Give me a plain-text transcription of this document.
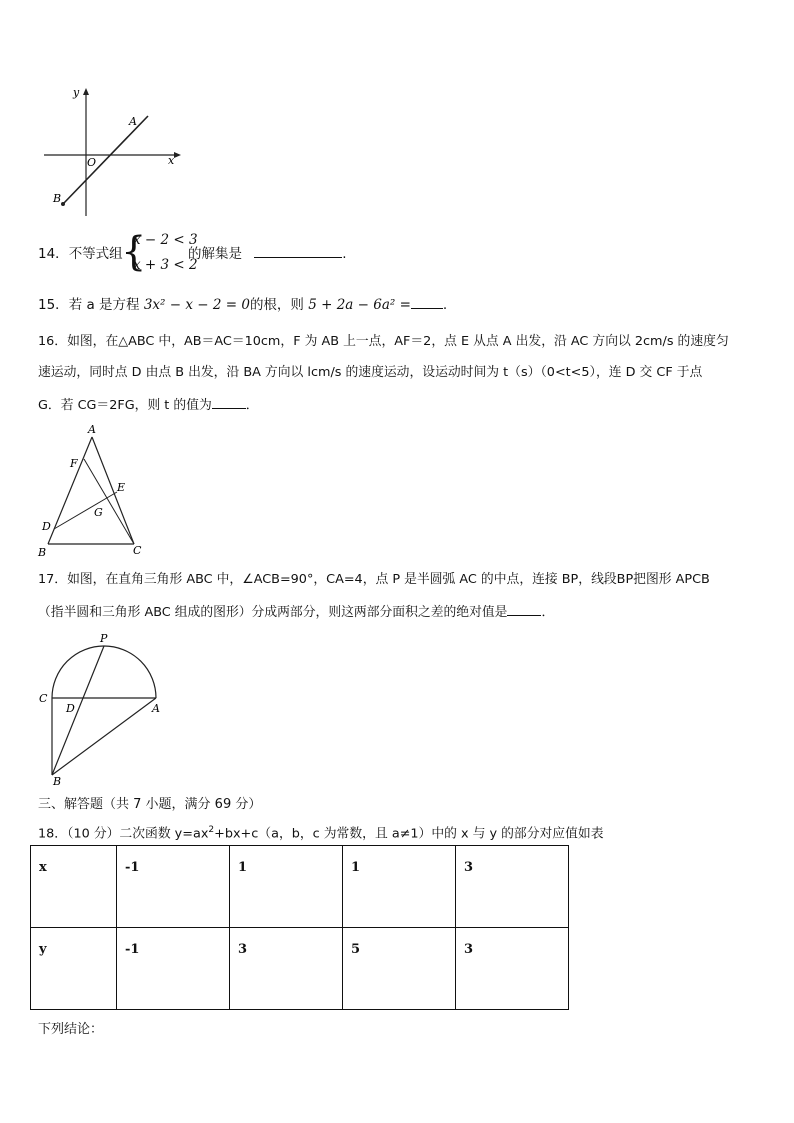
y
x
O
A
B
14．不等式组
{
x − 2 < 3
x + 3 < 2
的解集是	.
15．若 a 是方程 3x² − x − 2 = 0的根，则 5 + 2a − 6a² = .
16．如图，在△ABC 中，AB＝AC＝10cm，F 为 AB 上一点，AF＝2，点 E 从点 A 出发，沿 AC 方向以 2cm/s 的速度匀
速运动，同时点 D 由点 B 出发，沿 BA 方向以 lcm/s 的速度运动，设运动时间为 t（s）（0<t<5），连 D 交 CF 于点
G．若 CG＝2FG，则 t 的值为	．
A
F
E
G
D
B	C
17．如图，在直角三角形 ABC 中，∠ACB=90°，CA=4，点 P 是半圆弧 AC 的中点，连接 BP，线段BP把图形 APCB
（指半圆和三角形 ABC 组成的图形）分成两部分，则这两部分面积之差的绝对值是	．
P
C
D	A
B
三、解答题（共 7 小题，满分 69 分）
18．（10 分）二次函数 $y=ax^2+bx+c(a$，b，c 为常数，且 a≠1）中的 x 与 y 的部分对应值如表
x	-1	1	1	3
y	-1	3	5	3
下列结论：
